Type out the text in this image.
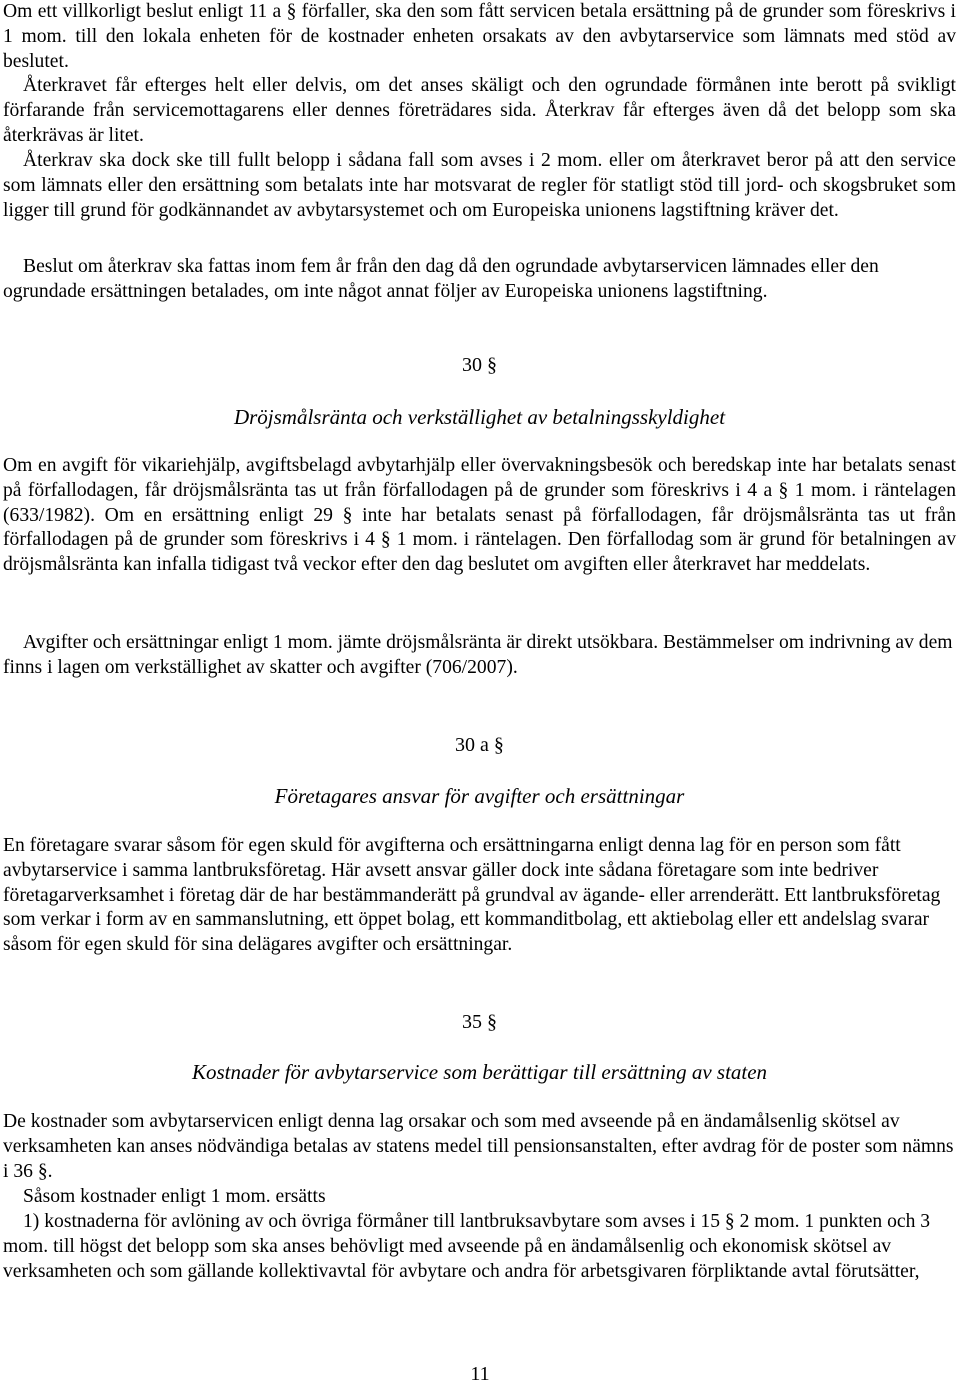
Om ett villkorligt beslut enligt 11 a § förfaller, ska den som fått servicen betala ersättning på de grunder som föreskrivs i 1 mom. till den lokala enheten för de kostnader enheten orsakats av den avbytarservice som lämnats med stöd av beslutet.

Återkravet får efterges helt eller delvis, om det anses skäligt och den ogrundade förmånen inte berott på svikligt förfarande från servicemottagarens eller dennes företrädares sida. Återkrav får efterges även då det belopp som ska återkrävas är litet.

Återkrav ska dock ske till fullt belopp i sådana fall som avses i 2 mom. eller om återkravet beror på att den service som lämnats eller den ersättning som betalats inte har motsvarat de regler för statligt stöd till jord- och skogsbruket som ligger till grund för godkännandet av avbytarsystemet och om Europeiska unionens lagstiftning kräver det.

Beslut om återkrav ska fattas inom fem år från den dag då den ogrundade avbytarservicen lämnades eller den ogrundade ersättningen betalades, om inte något annat följer av Europeiska unionens lagstiftning.

30 §

Dröjsmålsränta och verkställighet av betalningsskyldighet

Om en avgift för vikariehjälp, avgiftsbelagd avbytarhjälp eller övervakningsbesök och beredskap inte har betalats senast på förfallodagen, får dröjsmålsränta tas ut från förfallodagen på de grunder som föreskrivs i 4 a § 1 mom. i räntelagen (633/1982). Om en ersättning enligt 29 § inte har betalats senast på förfallodagen, får dröjsmålsränta tas ut från förfallodagen på de grunder som föreskrivs i 4 § 1 mom. i räntelagen. Den förfallodag som är grund för betalningen av dröjsmålsränta kan infalla tidigast två veckor efter den dag beslutet om avgiften eller återkravet har meddelats.

Avgifter och ersättningar enligt 1 mom. jämte dröjsmålsränta är direkt utsökbara. Bestämmelser om indrivning av dem finns i lagen om verkställighet av skatter och avgifter (706/2007).

30 a §

Företagares ansvar för avgifter och ersättningar

En företagare svarar såsom för egen skuld för avgifterna och ersättningarna enligt denna lag för en person som fått avbytarservice i samma lantbruksföretag. Här avsett ansvar gäller dock inte sådana företagare som inte bedriver företagarverksamhet i företag där de har bestämmanderätt på grundval av ägande- eller arrenderätt. Ett lantbruksföretag som verkar i form av en sammanslutning, ett öppet bolag, ett kommanditbolag, ett aktiebolag eller ett andelslag svarar såsom för egen skuld för sina delägares avgifter och ersättningar.

35 §

Kostnader för avbytarservice som berättigar till ersättning av staten

De kostnader som avbytarservicen enligt denna lag orsakar och som med avseende på en ändamålsenlig skötsel av verksamheten kan anses nödvändiga betalas av statens medel till pensionsanstalten, efter avdrag för de poster som nämns i 36 §.

Såsom kostnader enligt 1 mom. ersätts

1) kostnaderna för avlöning av och övriga förmåner till lantbruksavbytare som avses i 15 § 2 mom. 1 punkten och 3 mom. till högst det belopp som ska anses behövligt med avseende på en ändamålsenlig och ekonomisk skötsel av verksamheten och som gällande kollektivavtal för avbytare och andra för arbetsgivaren förpliktande avtal förutsätter,

11
